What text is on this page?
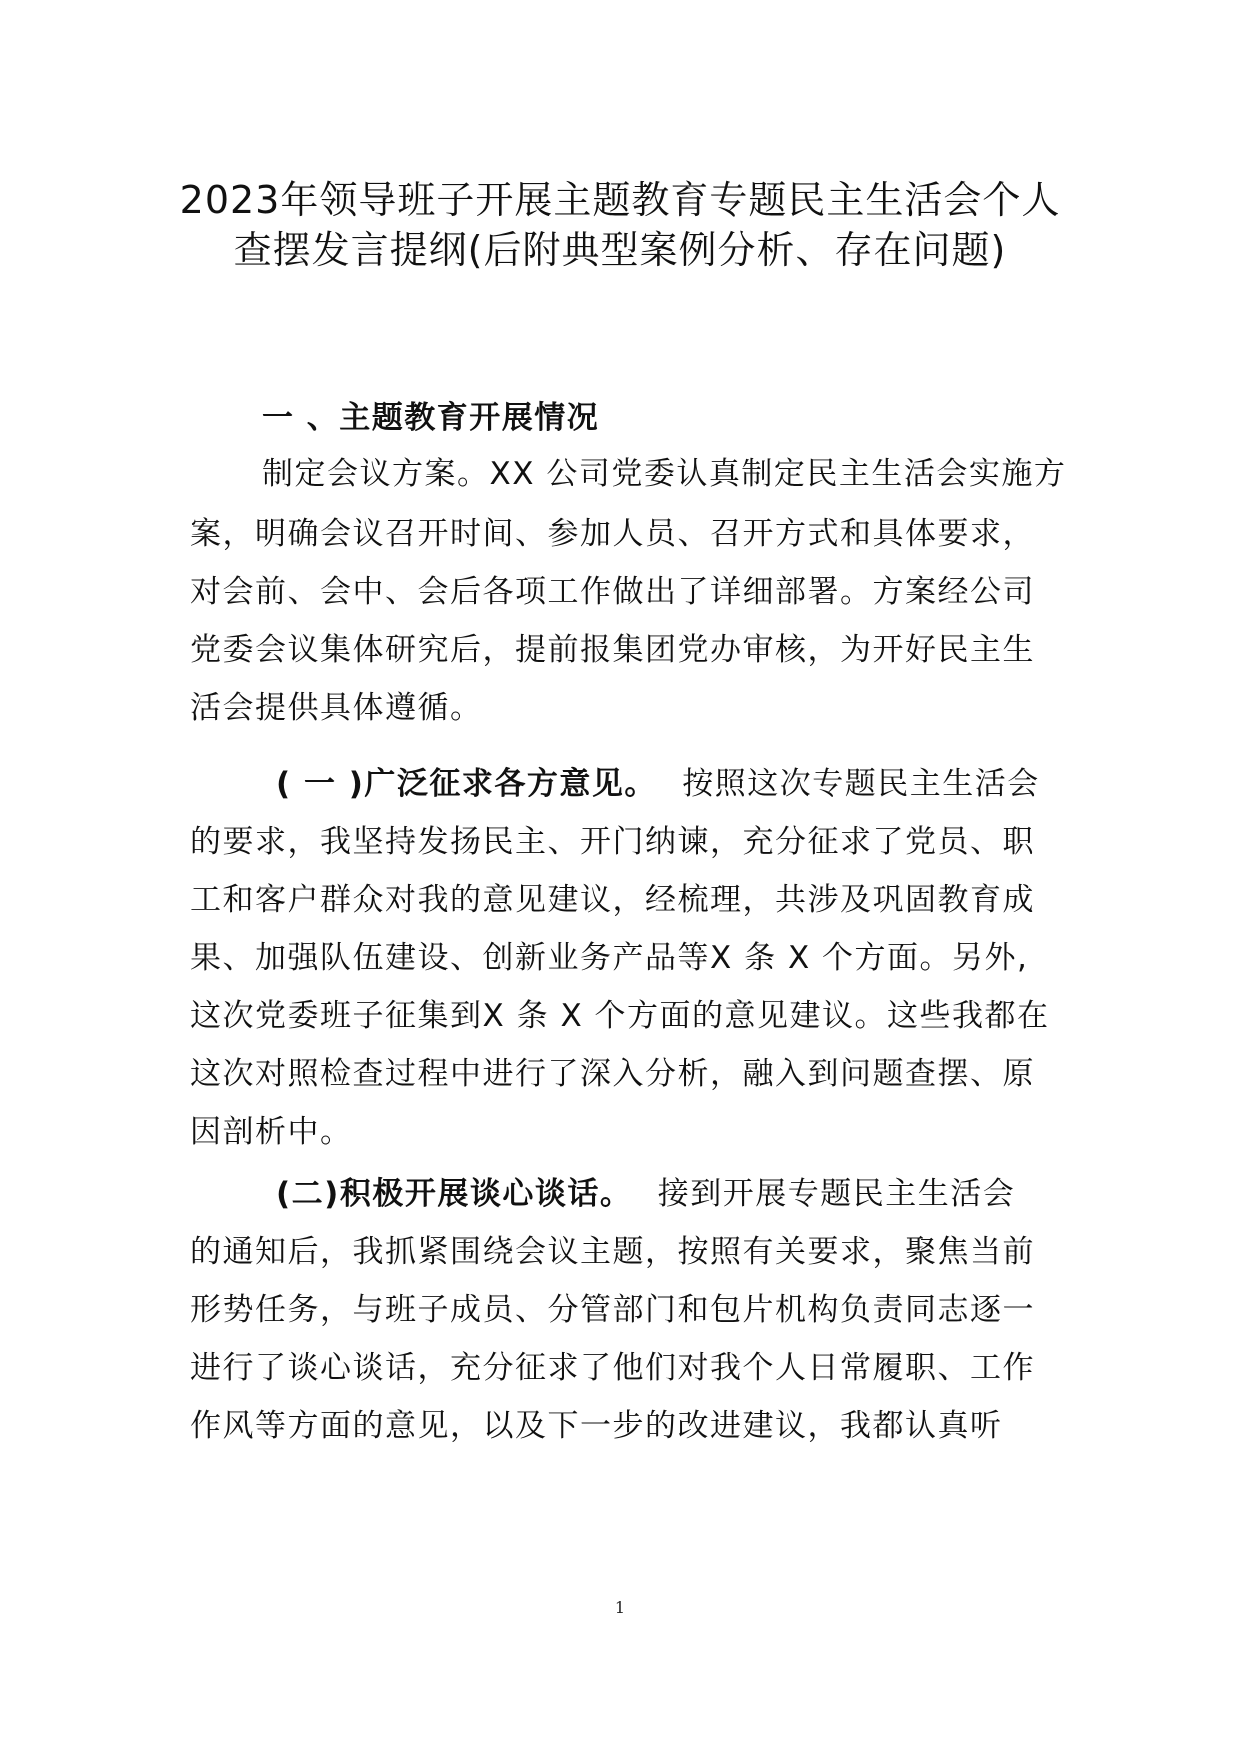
2023年领导班子开展主题教育专题民主生活会个人
查摆发言提纲(后附典型案例分析、存在问题)
一 、主题教育开展情况
制定会议方案。XX 公司党委认真制定民主生活会实施方
案，明确会议召开时间、参加人员、召开方式和具体要求，
对会前、会中、会后各项工作做出了详细部署。方案经公司
党委会议集体研究后，提前报集团党办审核，为开好民主生
活会提供具体遵循。
( 一 )广泛征求各方意见。 按照这次专题民主生活会
的要求，我坚持发扬民主、开门纳谏，充分征求了党员、职
工和客户群众对我的意见建议，经梳理，共涉及巩固教育成
果、加强队伍建设、创新业务产品等X 条 X 个方面。另外,
这次党委班子征集到X 条 X 个方面的意见建议。这些我都在
这次对照检查过程中进行了深入分析，融入到问题查摆、原
因剖析中。
(二)积极开展谈心谈话。 接到开展专题民主生活会
的通知后，我抓紧围绕会议主题，按照有关要求，聚焦当前
形势任务，与班子成员、分管部门和包片机构负责同志逐一
进行了谈心谈话，充分征求了他们对我个人日常履职、工作
作风等方面的意见，以及下一步的改进建议，我都认真听
1
